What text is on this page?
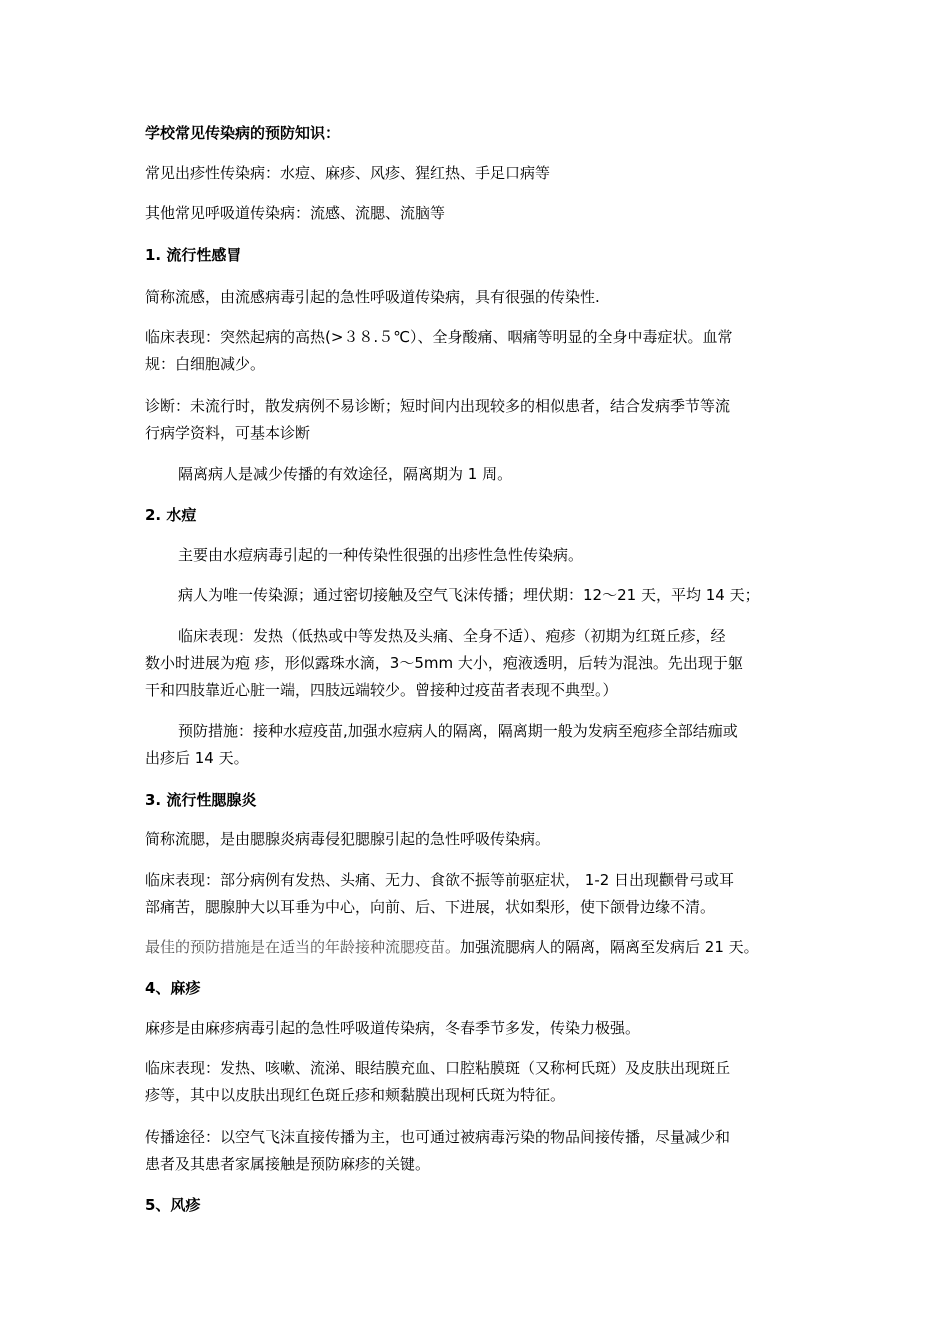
学校常见传染病的预防知识：
常见出疹性传染病：水痘、麻疹、风疹、猩红热、手足口病等
其他常见呼吸道传染病：流感、流腮、流脑等
1. 流行性感冒
简称流感，由流感病毒引起的急性呼吸道传染病，具有很强的传染性.
临床表现：突然起病的高热(>３８.５℃）、全身酸痛、咽痛等明显的全身中毒症状。血常
规：白细胞减少。
诊断：未流行时，散发病例不易诊断；短时间内出现较多的相似患者，结合发病季节等流
行病学资料，可基本诊断
隔离病人是减少传播的有效途径，隔离期为 1 周。
2. 水痘
主要由水痘病毒引起的一种传染性很强的出疹性急性传染病。
病人为唯一传染源；通过密切接触及空气飞沫传播；埋伏期：12～21 天，平均 14 天；
临床表现：发热（低热或中等发热及头痛、全身不适）、疱疹（初期为红斑丘疹，经
数小时进展为疱 疹，形似露珠水滴，3～5mm 大小，疱液透明，后转为混浊。先出现于躯
干和四肢靠近心脏一端，四肢远端较少。曾接种过疫苗者表现不典型。）
预防措施：接种水痘疫苗,加强水痘病人的隔离，隔离期一般为发病至疱疹全部结痂或
出疹后 14 天。
3. 流行性腮腺炎
简称流腮，是由腮腺炎病毒侵犯腮腺引起的急性呼吸传染病。
临床表现：部分病例有发热、头痛、无力、食欲不振等前驱症状， 1-2 日出现颧骨弓或耳
部痛苦，腮腺肿大以耳垂为中心，向前、后、下进展，状如梨形，使下颌骨边缘不清。
最佳的预防措施是在适当的年龄接种流腮疫苗。加强流腮病人的隔离，隔离至发病后 21 天。
4、麻疹
麻疹是由麻疹病毒引起的急性呼吸道传染病，冬春季节多发，传染力极强。
临床表现：发热、咳嗽、流涕、眼结膜充血、口腔粘膜斑（又称柯氏斑）及皮肤出现斑丘
疹等，其中以皮肤出现红色斑丘疹和颊黏膜出现柯氏斑为特征。
传播途径：以空气飞沫直接传播为主，也可通过被病毒污染的物品间接传播，尽量减少和
患者及其患者家属接触是预防麻疹的关键。
5、风疹
